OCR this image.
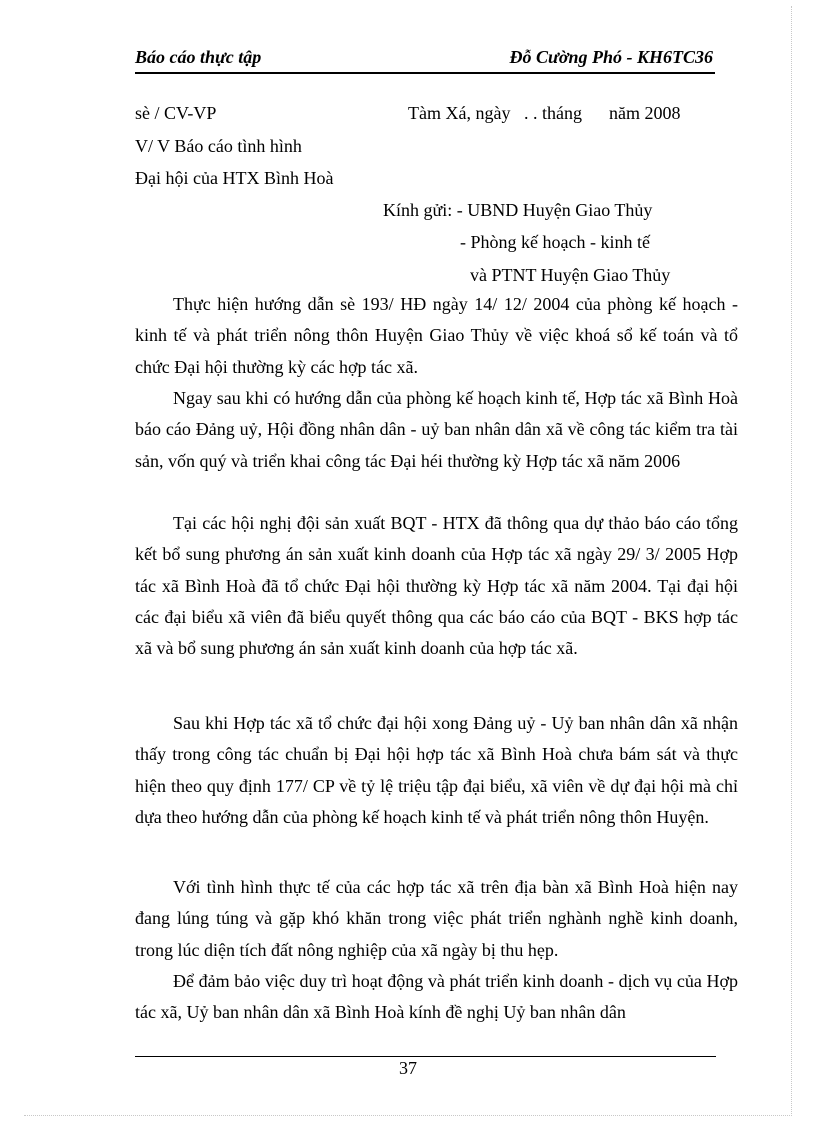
Báo cáo thực tập	Đỗ Cường Phó - KH6TC36
sè / CV-VP	Tàm Xá, ngày   . . tháng      năm 2008
V/ V Báo cáo tình hình
Đại hội của HTX Bình Hoà
Kính gửi: - UBND Huyện Giao Thủy
- Phòng kế hoạch - kinh tế
và PTNT Huyện Giao Thủy

Thực hiện hướng dẫn sè 193/ HĐ ngày 14/ 12/ 2004 của phòng kế hoạch - kinh tế và phát triển nông thôn Huyện Giao Thủy về việc khoá sổ kế toán và tổ chức Đại hội thường kỳ các hợp tác xã.

Ngay sau khi có hướng dẫn của phòng kế hoạch kinh tế, Hợp tác xã Bình Hoà báo cáo Đảng uỷ, Hội đồng nhân dân - uỷ ban nhân dân xã về công tác kiểm tra tài sản, vốn quý và triển khai công tác Đại héi thường kỳ Hợp tác xã năm 2006

Tại các hội nghị đội sản xuất BQT - HTX đã thông qua dự thảo báo cáo tổng kết bổ sung phương án sản xuất kinh doanh của Hợp tác xã ngày 29/ 3/ 2005 Hợp tác xã Bình Hoà đã tổ chức Đại hội thường kỳ Hợp tác xã năm 2004. Tại đại hội các đại biểu xã viên đã biểu quyết thông qua các báo cáo của BQT - BKS hợp tác xã và bổ sung phương án sản xuất kinh doanh của hợp tác xã.

Sau khi Hợp tác xã tổ chức đại hội xong Đảng uỷ - Uỷ ban nhân dân xã nhận thấy trong công tác chuẩn bị Đại hội hợp tác xã Bình Hoà chưa bám sát và thực hiện theo quy định 177/ CP về tỷ lệ triệu tập đại biểu, xã viên về dự đại hội mà chỉ dựa theo hướng dẫn của phòng kế hoạch kinh tế và phát triển nông thôn Huyện.

Với tình hình thực tế của các hợp tác xã trên địa bàn xã Bình Hoà hiện nay đang lúng túng và gặp khó khăn trong việc phát triển nghành nghề kinh doanh, trong lúc diện tích đất nông nghiệp của xã ngày bị thu hẹp.

Để đảm bảo việc duy trì hoạt động và phát triển kinh doanh - dịch vụ của Hợp tác xã, Uỷ ban nhân dân xã Bình Hoà kính đề nghị Uỷ ban nhân dân

37
